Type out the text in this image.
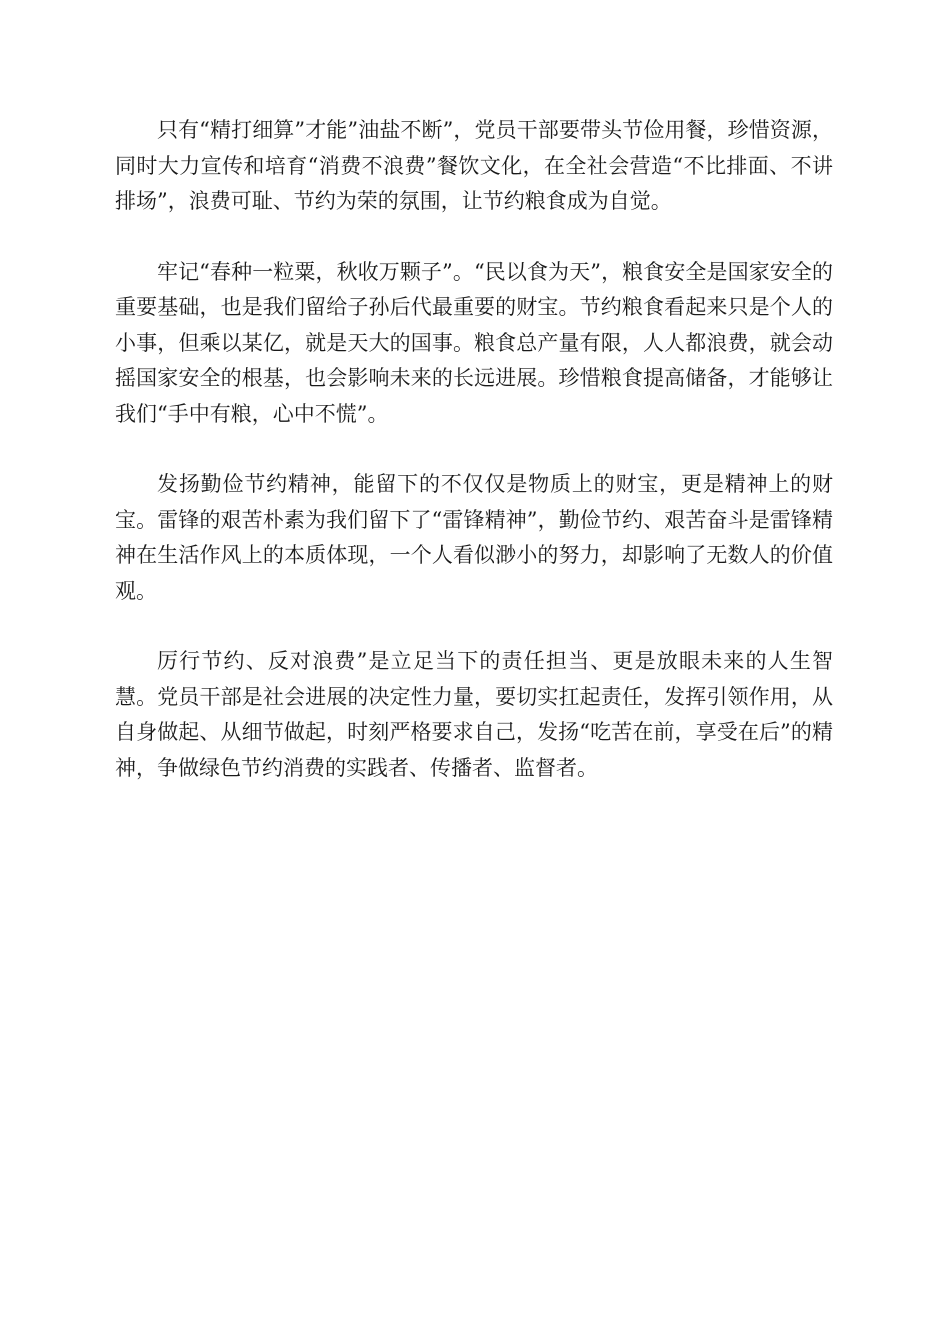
只有“精打细算”才能”油盐不断”，党员干部要带头节俭用餐，珍惜资源，同时大力宣传和培育“消费不浪费”餐饮文化，在全社会营造“不比排面、不讲排场”，浪费可耻、节约为荣的氛围，让节约粮食成为自觉。

牢记“春种一粒粟，秋收万颗子”。“民以食为天”，粮食安全是国家安全的重要基础，也是我们留给子孙后代最重要的财宝。节约粮食看起来只是个人的小事，但乘以某亿，就是天大的国事。粮食总产量有限，人人都浪费，就会动摇国家安全的根基，也会影响未来的长远进展。珍惜粮食提高储备，才能够让我们“手中有粮，心中不慌”。

发扬勤俭节约精神，能留下的不仅仅是物质上的财宝，更是精神上的财宝。雷锋的艰苦朴素为我们留下了“雷锋精神”，勤俭节约、艰苦奋斗是雷锋精神在生活作风上的本质体现，一个人看似渺小的努力，却影响了无数人的价值观。

厉行节约、反对浪费”是立足当下的责任担当、更是放眼未来的人生智慧。党员干部是社会进展的决定性力量，要切实扛起责任，发挥引领作用，从自身做起、从细节做起，时刻严格要求自己，发扬“吃苦在前，享受在后”的精神，争做绿色节约消费的实践者、传播者、监督者。
